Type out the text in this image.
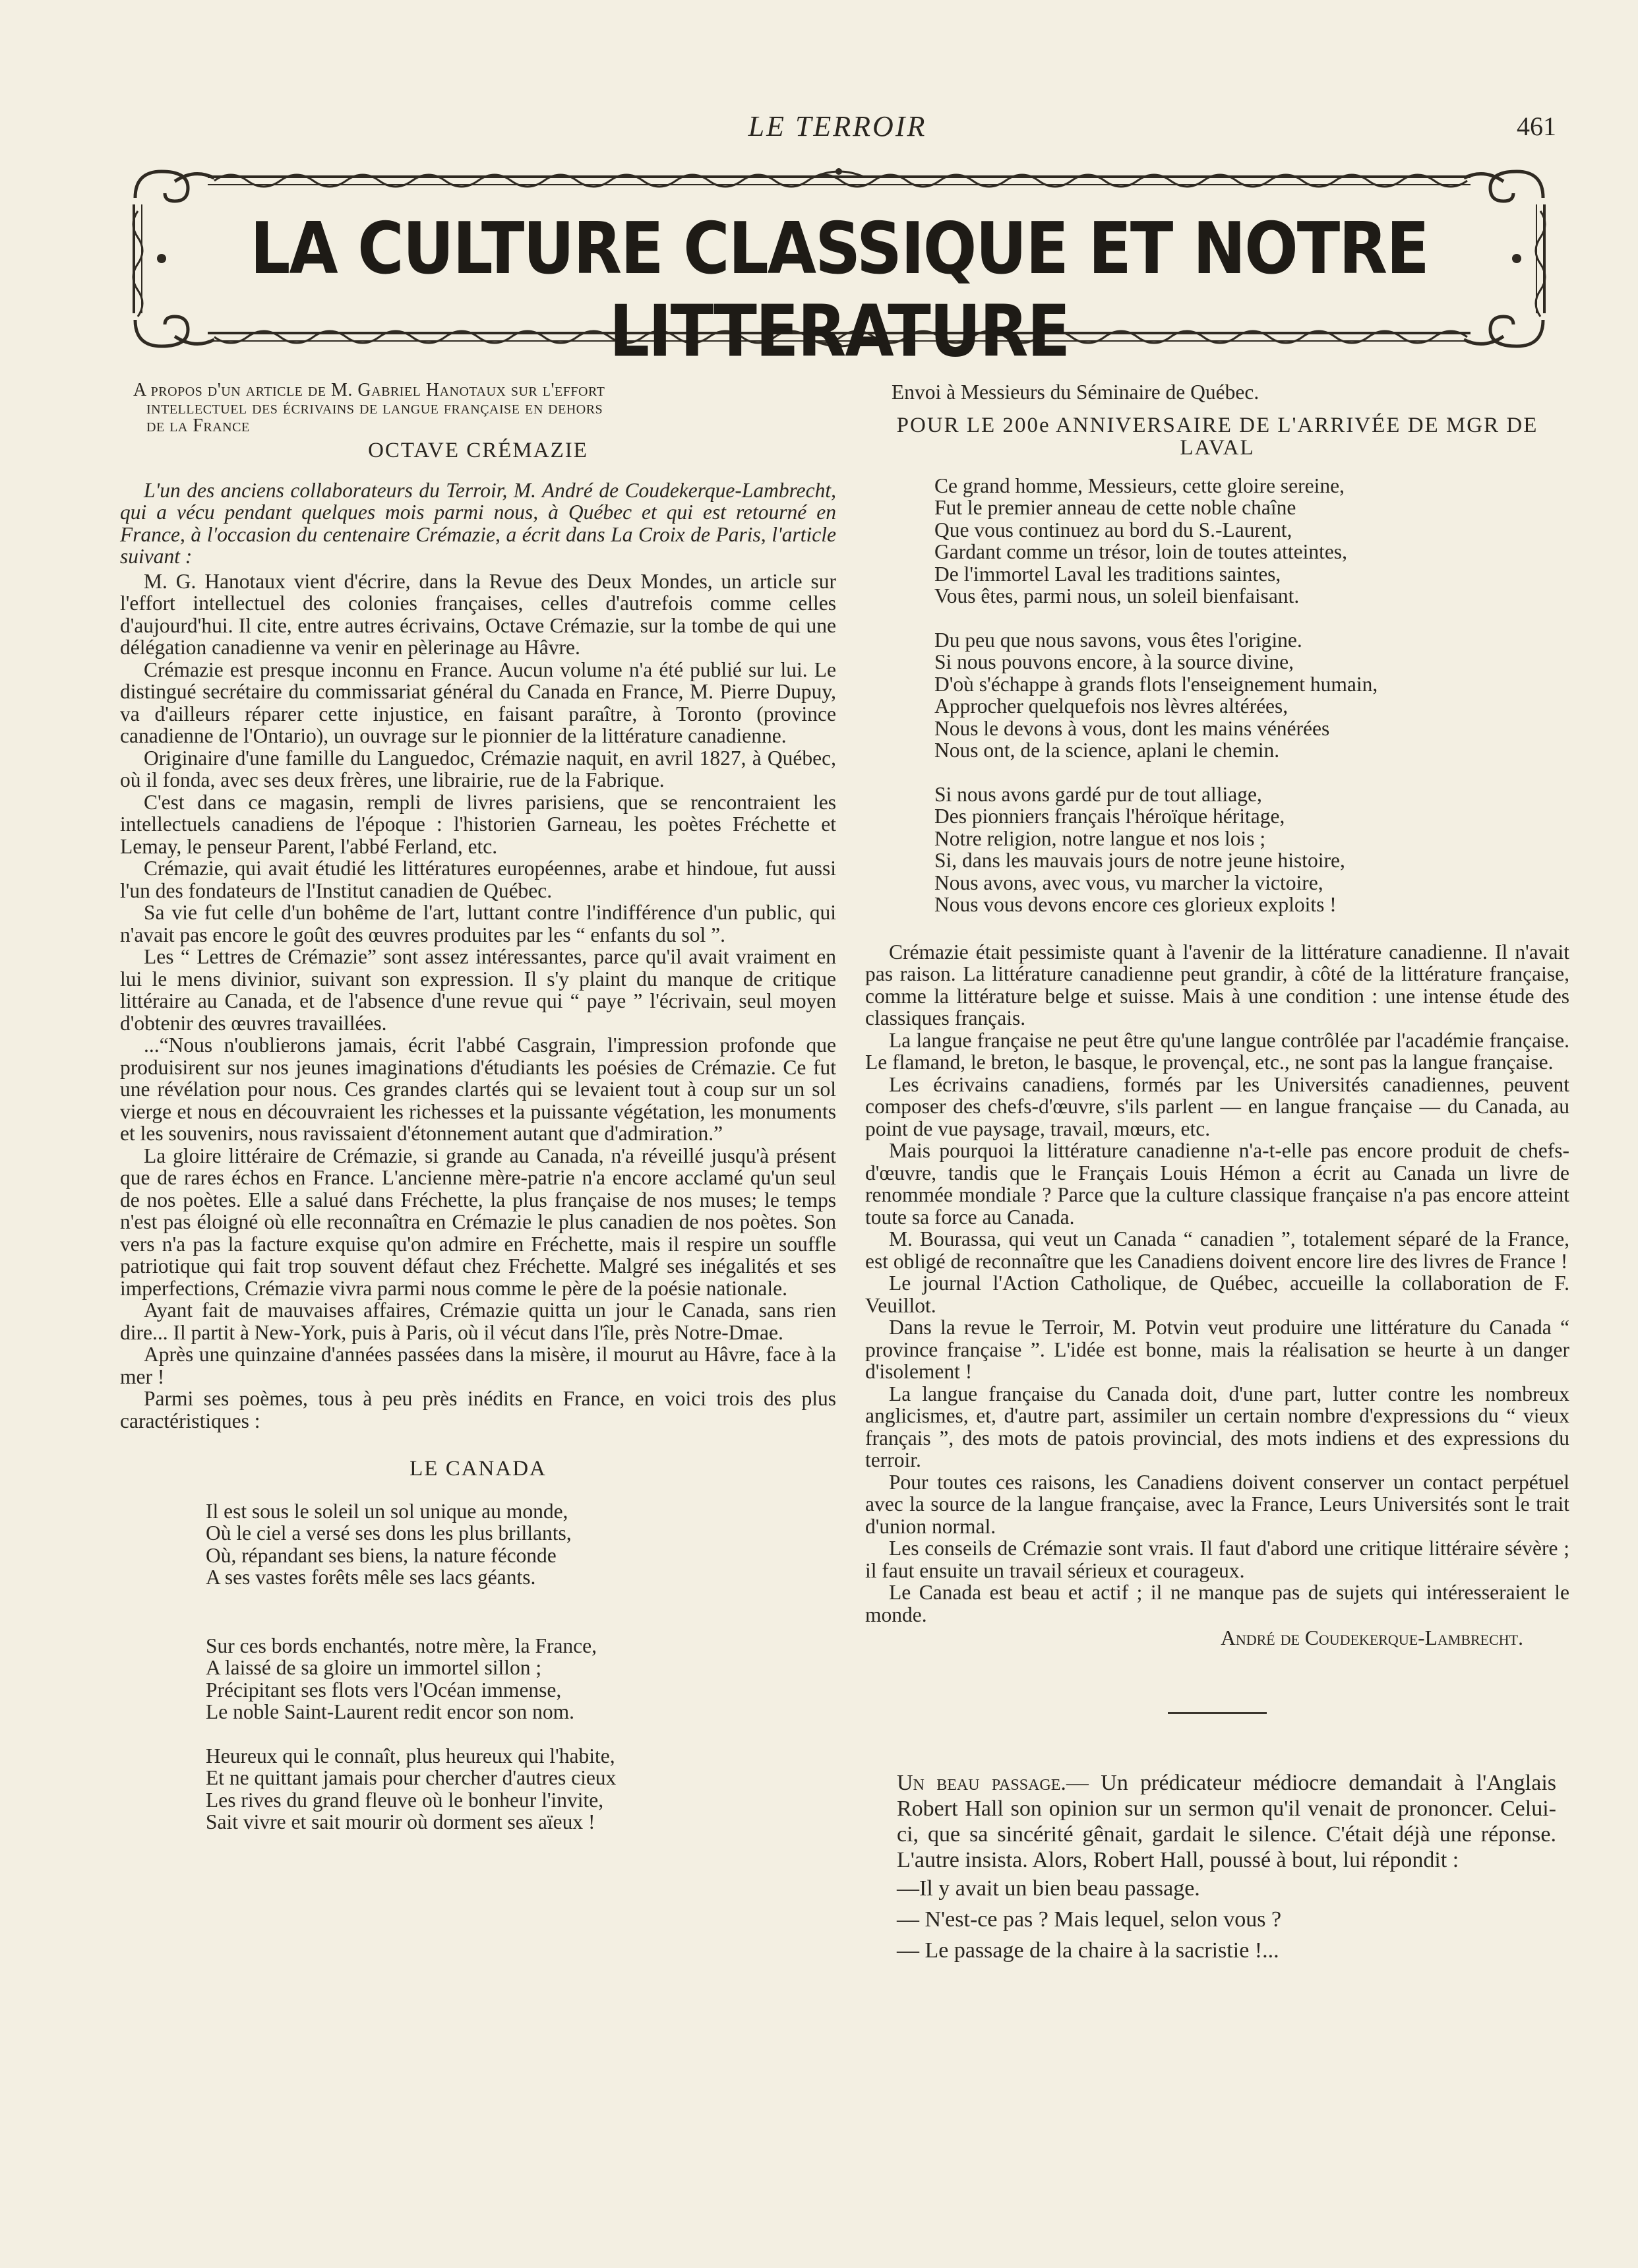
LE TERROIR	461
LA CULTURE CLASSIQUE ET NOTRE LITTERATURE

A propos d'un article de M. Gabriel Hanotaux sur l'effort
intellectuel des écrivains de langue française en dehors
de la France

OCTAVE CRÉMAZIE

L'un des anciens collaborateurs du Terroir, M. André de Coudekerque-Lambrecht, qui a vécu pendant quelques mois parmi nous, à Québec et qui est retourné en France, à l'occasion du centenaire Crémazie, a écrit dans La Croix de Paris, l'article suivant :

M. G. Hanotaux vient d'écrire, dans la Revue des Deux Mondes, un article sur l'effort intellectuel des colonies françaises, celles d'autrefois comme celles d'aujourd'hui. Il cite, entre autres écrivains, Octave Crémazie, sur la tombe de qui une délégation canadienne va venir en pèlerinage au Hâvre.

Crémazie est presque inconnu en France. Aucun volume n'a été publié sur lui. Le distingué secrétaire du commissariat général du Canada en France, M. Pierre Dupuy, va d'ailleurs réparer cette injustice, en faisant paraître, à Toronto (province canadienne de l'Ontario), un ouvrage sur le pionnier de la littérature canadienne.

Originaire d'une famille du Languedoc, Crémazie naquit, en avril 1827, à Québec, où il fonda, avec ses deux frères, une librairie, rue de la Fabrique.

C'est dans ce magasin, rempli de livres parisiens, que se rencontraient les intellectuels canadiens de l'époque : l'historien Garneau, les poètes Fréchette et Lemay, le penseur Parent, l'abbé Ferland, etc.

Crémazie, qui avait étudié les littératures européennes, arabe et hindoue, fut aussi l'un des fondateurs de l'Institut canadien de Québec.

Sa vie fut celle d'un bohême de l'art, luttant contre l'indifférence d'un public, qui n'avait pas encore le goût des œuvres produites par les “ enfants du sol ”.

Les “ Lettres de Crémazie” sont assez intéressantes, parce qu'il avait vraiment en lui le mens divinior, suivant son expression. Il s'y plaint du manque de critique littéraire au Canada, et de l'absence d'une revue qui “ paye ” l'écrivain, seul moyen d'obtenir des œuvres travaillées.

...“Nous n'oublierons jamais, écrit l'abbé Casgrain, l'impression profonde que produisirent sur nos jeunes imaginations d'étudiants les poésies de Crémazie. Ce fut une révélation pour nous. Ces grandes clartés qui se levaient tout à coup sur un sol vierge et nous en découvraient les richesses et la puissante végétation, les monuments et les souvenirs, nous ravissaient d'étonnement autant que d'admiration.”

La gloire littéraire de Crémazie, si grande au Canada, n'a réveillé jusqu'à présent que de rares échos en France. L'ancienne mère-patrie n'a encore acclamé qu'un seul de nos poètes. Elle a salué dans Fréchette, la plus française de nos muses; le temps n'est pas éloigné où elle reconnaîtra en Crémazie le plus canadien de nos poètes. Son vers n'a pas la facture exquise qu'on admire en Fréchette, mais il respire un souffle patriotique qui fait trop souvent défaut chez Fréchette. Malgré ses inégalités et ses imperfections, Crémazie vivra parmi nous comme le père de la poésie nationale.

Ayant fait de mauvaises affaires, Crémazie quitta un jour le Canada, sans rien dire... Il partit à New-York, puis à Paris, où il vécut dans l'île, près Notre-Dmae.

Après une quinzaine d'années passées dans la misère, il mourut au Hâvre, face à la mer !

Parmi ses poèmes, tous à peu près inédits en France, en voici trois des plus caractéristiques :

LE CANADA

Il est sous le soleil un sol unique au monde,
Où le ciel a versé ses dons les plus brillants,
Où, répandant ses biens, la nature féconde
A ses vastes forêts mêle ses lacs géants.
Sur ces bords enchantés, notre mère, la France,
A laissé de sa gloire un immortel sillon ;
Précipitant ses flots vers l'Océan immense,
Le noble Saint-Laurent redit encor son nom.
Heureux qui le connaît, plus heureux qui l'habite,
Et ne quittant jamais pour chercher d'autres cieux
Les rives du grand fleuve où le bonheur l'invite,
Sait vivre et sait mourir où dorment ses aïeux !

Envoi à Messieurs du Séminaire de Québec.

POUR LE 200e ANNIVERSAIRE DE L'ARRIVÉE DE MGR DE LAVAL

Ce grand homme, Messieurs, cette gloire sereine,
Fut le premier anneau de cette noble chaîne
Que vous continuez au bord du S.-Laurent,
Gardant comme un trésor, loin de toutes atteintes,
De l'immortel Laval les traditions saintes,
Vous êtes, parmi nous, un soleil bienfaisant.
Du peu que nous savons, vous êtes l'origine.
Si nous pouvons encore, à la source divine,
D'où s'échappe à grands flots l'enseignement humain,
Approcher quelquefois nos lèvres altérées,
Nous le devons à vous, dont les mains vénérées
Nous ont, de la science, aplani le chemin.
Si nous avons gardé pur de tout alliage,
Des pionniers français l'héroïque héritage,
Notre religion, notre langue et nos lois ;
Si, dans les mauvais jours de notre jeune histoire,
Nous avons, avec vous, vu marcher la victoire,
Nous vous devons encore ces glorieux exploits !

Crémazie était pessimiste quant à l'avenir de la littérature canadienne. Il n'avait pas raison. La littérature canadienne peut grandir, à côté de la littérature française, comme la littérature belge et suisse. Mais à une condition : une intense étude des classiques français.

La langue française ne peut être qu'une langue contrôlée par l'académie française. Le flamand, le breton, le basque, le provençal, etc., ne sont pas la langue française.

Les écrivains canadiens, formés par les Universités canadiennes, peuvent composer des chefs-d'œuvre, s'ils parlent — en langue française — du Canada, au point de vue paysage, travail, mœurs, etc.

Mais pourquoi la littérature canadienne n'a-t-elle pas encore produit de chefs-d'œuvre, tandis que le Français Louis Hémon a écrit au Canada un livre de renommée mondiale ? Parce que la culture classique française n'a pas encore atteint toute sa force au Canada.

M. Bourassa, qui veut un Canada “ canadien ”, totalement séparé de la France, est obligé de reconnaître que les Canadiens doivent encore lire des livres de France !

Le journal l'Action Catholique, de Québec, accueille la collaboration de F. Veuillot.

Dans la revue le Terroir, M. Potvin veut produire une littérature du Canada “ province française ”. L'idée est bonne, mais la réalisation se heurte à un danger d'isolement !

La langue française du Canada doit, d'une part, lutter contre les nombreux anglicismes, et, d'autre part, assimiler un certain nombre d'expressions du “ vieux français ”, des mots de patois provincial, des mots indiens et des expressions du terroir.

Pour toutes ces raisons, les Canadiens doivent conserver un contact perpétuel avec la source de la langue française, avec la France, Leurs Universités sont le trait d'union normal.

Les conseils de Crémazie sont vrais. Il faut d'abord une critique littéraire sévère ; il faut ensuite un travail sérieux et courageux.

Le Canada est beau et actif ; il ne manque pas de sujets qui intéresseraient le monde.

André de Coudekerque-Lambrecht.

Un beau passage.— Un prédicateur médiocre demandait à l'Anglais Robert Hall son opinion sur un sermon qu'il venait de prononcer. Celui-ci, que sa sincérité gênait, gardait le silence. C'était déjà une réponse. L'autre insista. Alors, Robert Hall, poussé à bout, lui répondit :

—Il y avait un bien beau passage.

— N'est-ce pas ? Mais lequel, selon vous ?

— Le passage de la chaire à la sacristie !...
